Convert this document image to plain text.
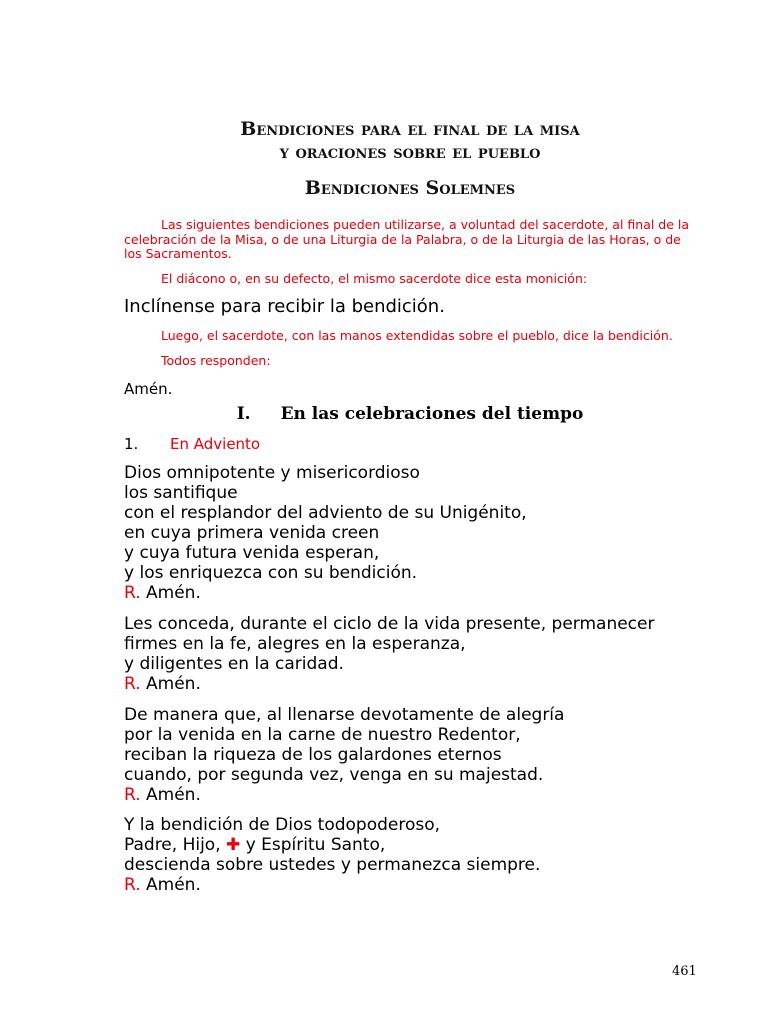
Bendiciones para el final de la misa
y oraciones sobre el pueblo
Bendiciones Solemnes
Las siguientes bendiciones pueden utilizarse, a voluntad del sacerdote, al final de la celebración de la Misa, o de una Liturgia de la Palabra, o de la Liturgia de las Horas, o de los Sacramentos.
El diácono o, en su defecto, el mismo sacerdote dice esta monición:
Inclínense para recibir la bendición.
Luego, el sacerdote, con las manos extendidas sobre el pueblo, dice la bendición.
Todos responden:
Amén.
I. En las celebraciones del tiempo
1. En Adviento
Dios omnipotente y misericordioso
los santifique
con el resplandor del adviento de su Unigénito,
en cuya primera venida creen
y cuya futura venida esperan,
y los enriquezca con su bendición.
R. Amén.
Les conceda, durante el ciclo de la vida presente, permanecer
firmes en la fe, alegres en la esperanza,
y diligentes en la caridad.
R. Amén.
De manera que, al llenarse devotamente de alegría
por la venida en la carne de nuestro Redentor,
reciban la riqueza de los galardones eternos
cuando, por segunda vez, venga en su majestad.
R. Amén.
Y la bendición de Dios todopoderoso,
Padre, Hijo, ✚ y Espíritu Santo,
descienda sobre ustedes y permanezca siempre.
R. Amén.
461
